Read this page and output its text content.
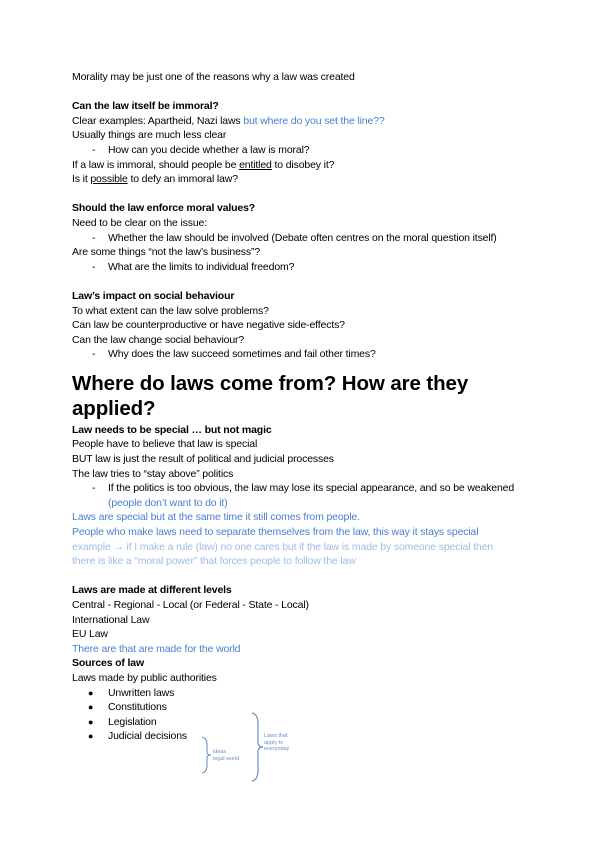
Morality may be just one of the reasons why a law was created
Can the law itself be immoral?
Clear examples: Apartheid, Nazi laws but where do you set the line??
Usually things are much less clear
-	How can you decide whether a law is moral?
If a law is immoral, should people be entitled to disobey it?
Is it possible to defy an immoral law?
Should the law enforce moral values?
Need to be clear on the issue:
-	Whether the law should be involved (Debate often centres on the moral question itself)
Are some things “not the law’s business”?
-	What are the limits to individual freedom?
Law’s impact on social behaviour
To what extent can the law solve problems?
Can law be counterproductive or have negative side-effects?
Can the law change social behaviour?
-	Why does the law succeed sometimes and fail other times?
Where do laws come from? How are they applied?
Law needs to be special … but not magic
People have to believe that law is special
BUT law is just the result of political and judicial processes
The law tries to “stay above” politics
-	If the politics is too obvious, the law may lose its special appearance, and so be weakened (people don’t want to do it)
Laws are special but at the same time it still comes from people.
People who make laws need to separate themselves from the law, this way it stays special
example → if I make a rule (law) no one cares but if the law is made by someone special then there is like a “moral power” that forces people to follow the law
Laws are made at different levels
Central - Regional - Local (or Federal - State - Local)
International Law
EU Law
There are that are made for the world
Sources of law
Laws made by public authorities
●	Unwritten laws
●	Constitutions
●	Legislation
●	Judicial decisions
ideas
legal world
Laws that
apply to
everyoday
